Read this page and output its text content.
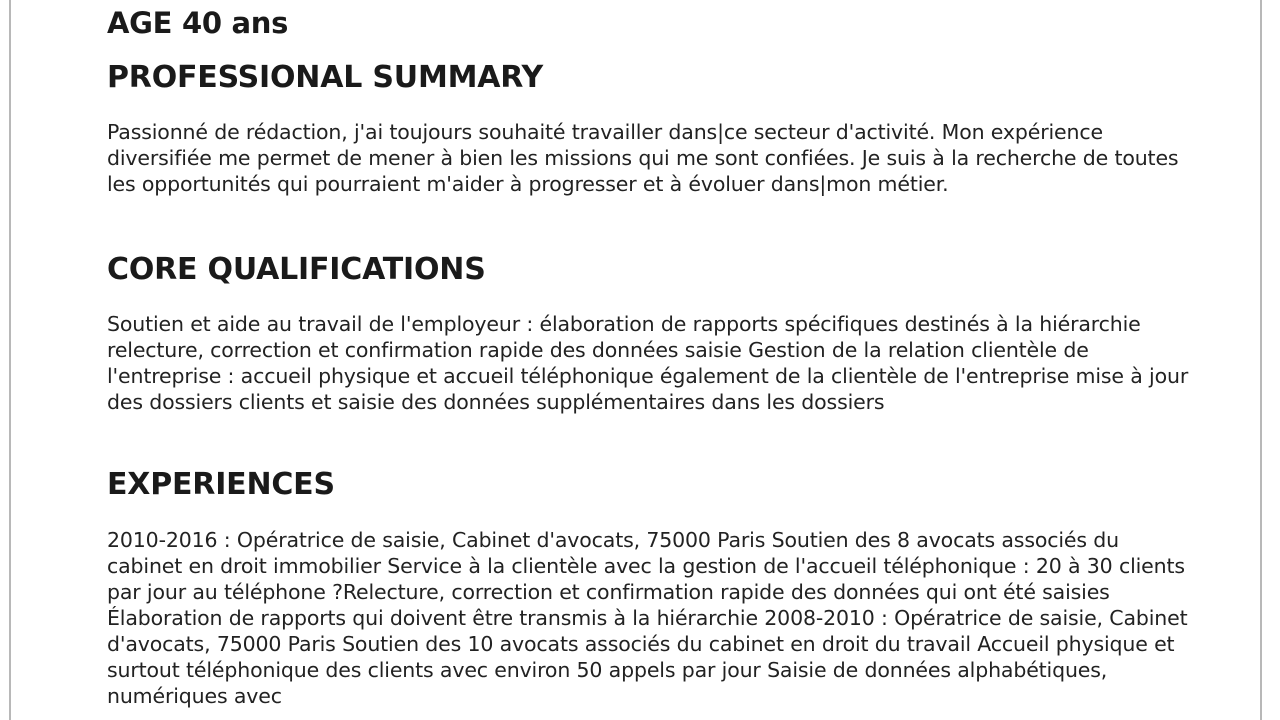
AGE 40 ans
PROFESSIONAL SUMMARY
Passionné de rédaction, j'ai toujours souhaité travailler dans|ce secteur d'activité. Mon expérience diversifiée me permet de mener à bien les missions qui me sont confiées. Je suis à la recherche de toutes les opportunités qui pourraient m'aider à progresser et à évoluer dans|mon métier.
CORE QUALIFICATIONS
Soutien et aide au travail de l'employeur : élaboration de rapports spécifiques destinés à la hiérarchie relecture, correction et confirmation rapide des données saisie Gestion de la relation clientèle de l'entreprise : accueil physique et accueil téléphonique également de la clientèle de l'entreprise mise à jour des dossiers clients et saisie des données supplémentaires dans les dossiers
EXPERIENCES
2010-2016 : Opératrice de saisie, Cabinet d'avocats, 75000 Paris Soutien des 8 avocats associés du cabinet en droit immobilier Service à la clientèle avec la gestion de l'accueil téléphonique : 20 à 30 clients par jour au téléphone ?Relecture, correction et confirmation rapide des données qui ont été saisies Élaboration de rapports qui doivent être transmis à la hiérarchie 2008-2010 : Opératrice de saisie, Cabinet d'avocats, 75000 Paris Soutien des 10 avocats associés du cabinet en droit du travail Accueil physique et surtout téléphonique des clients avec environ 50 appels par jour Saisie de données alphabétiques, numériques avec
